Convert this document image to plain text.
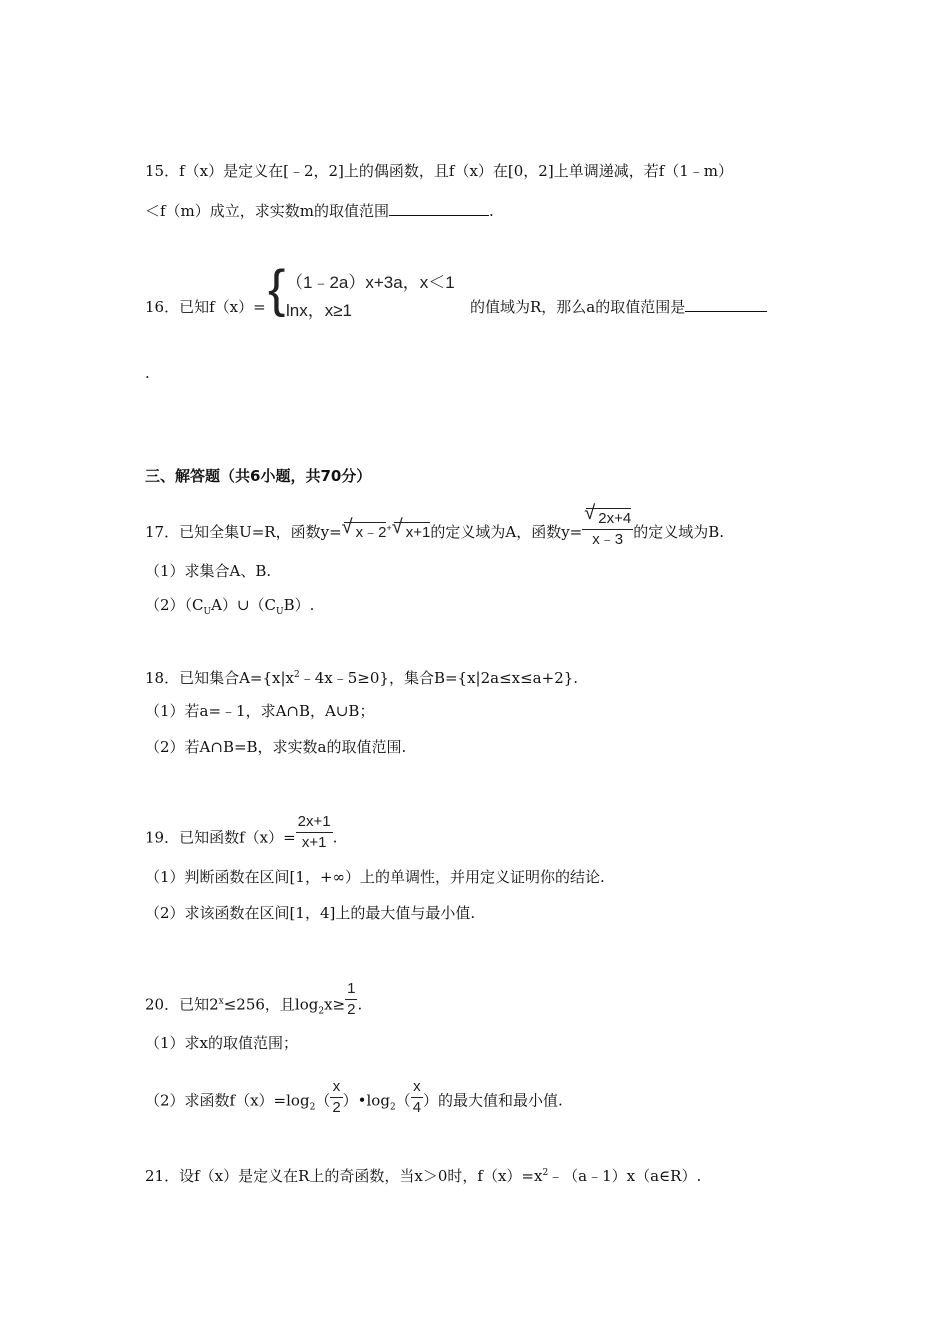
15．f（x）是定义在[﹣2，2]上的偶函数，且f（x）在[0，2]上单调递减，若f（1﹣m）
＜f（m）成立，求实数m的取值范围	.
16．已知f（x）= { （1﹣2a）x+3a，x＜1
lnx，x≥1	的值域为R，那么a的取值范围是
.
三、解答题（共6小题，共70分）
17．已知全集U=R，函数y= √ x﹣2+ √ x+1的定义域为A，函数y= √ $\frac{2x+4}{x﹣3}$ 的定义域为B.
（1）求集合A、B.
$(2)(C_UA)\cup(C_UB)$.
18．已知集合$A=\{x|x^2﹣4x﹣5\ge 0\}$，集合B={x|2a≤x≤a+2}.
（1）若a=﹣1，求A∩B，A∪B；
（2）若A∩B=B，求实数a的取值范围.
19．已知函数$f(x)= \frac{2x+1}{x+1}$ .
（1）判断函数在区间[1，+∞）上的单调性，并用定义证明你的结论.
（2）求该函数在区间[1，4]上的最大值与最小值.
20．已知$2^x\le 256$，且$\log_2x\ge \frac{1}{2}$ .
（1）求x的取值范围；
（2）求函数$f(x)=\log_2( \frac{x}{2}$ ）$•\log_2( \frac{x}{4}$ ）的最大值和最小值.
21．设f（x）是定义在R上的奇函数，当x＞0时，$f(x)=x^2﹣(a﹣1)x(a\in R)$.
